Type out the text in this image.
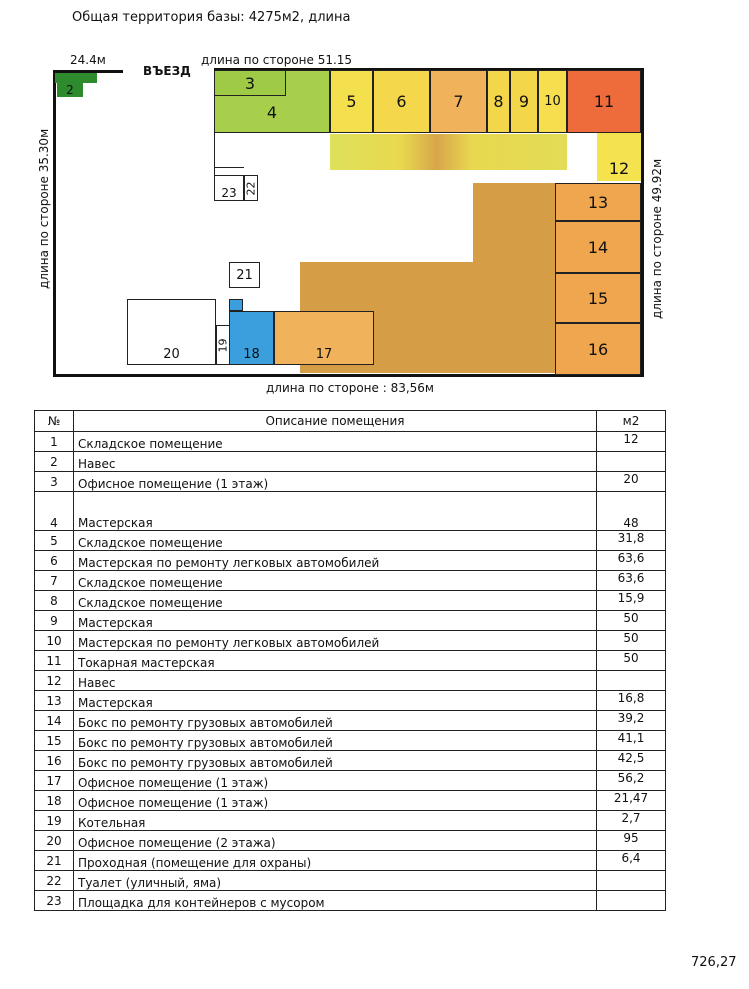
Общая территория базы: 4275м2, длина
2
4
3
5 6	7 8 9 10 11
12
13
14
15
16
23 22
21
20
19
18	17
24.4м
ВЪЕЗД
длина по стороне 51.15
длина по стороне 35.30м	длина по стороне 49.92м
длина по стороне : 83,56м
№	Описание помещения	м2
1	Складское помещение	12
2	Навес	
3	Офисное помещение (1 этаж)	20
4	Мастерская	48
5	Складское помещение	31,8
6	Мастерская по ремонту легковых автомобилей	63,6
7	Складское помещение	63,6
8	Складское помещение	15,9
9	Мастерская	50
10	Мастерская по ремонту легковых автомобилей	50
11	Токарная мастерская	50
12	Навес	
13	Мастерская	16,8
14	Бокс по ремонту грузовых автомобилей	39,2
15	Бокс по ремонту грузовых автомобилей	41,1
16	Бокс по ремонту грузовых автомобилей	42,5
17	Офисное помещение (1 этаж)	56,2
18	Офисное помещение (1 этаж)	21,47
19	Котельная	2,7
20	Офисное помещение (2 этажа)	95
21	Проходная (помещение для охраны)	6,4
22	Туалет (уличный, яма)	
23	Площадка для контейнеров с мусором	
726,27
